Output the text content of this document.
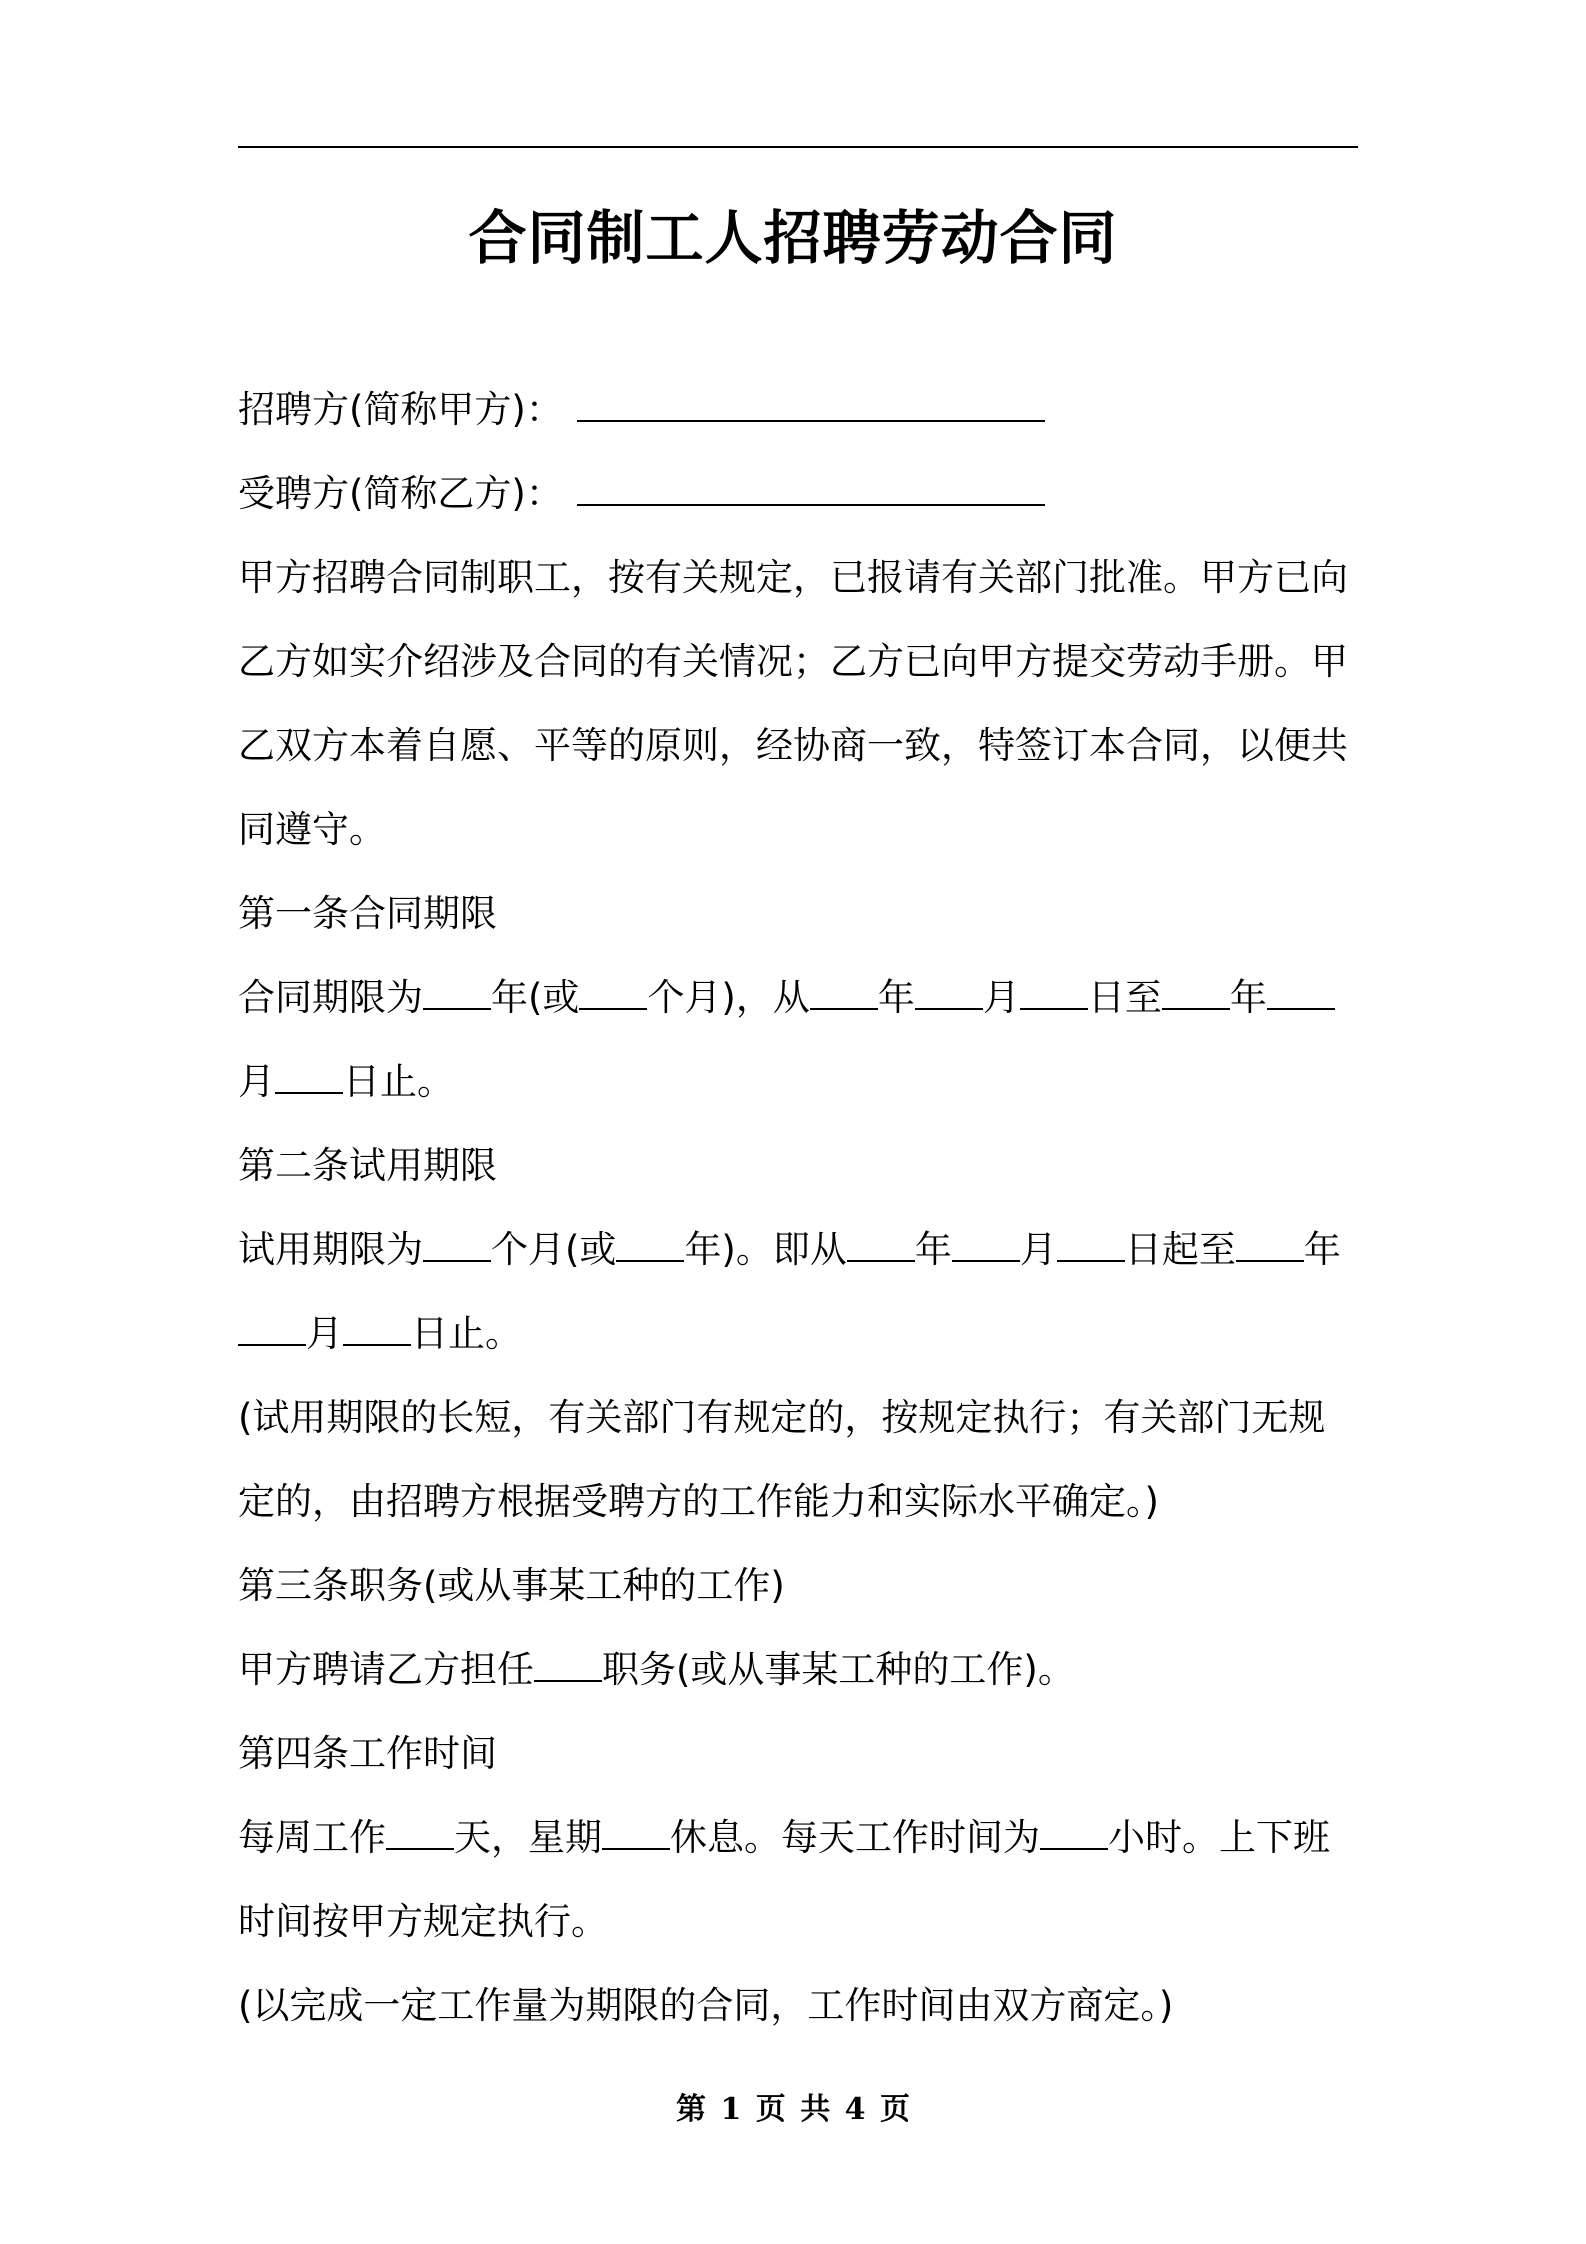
合同制工人招聘劳动合同
招聘方(简称甲方)：
受聘方(简称乙方)：
甲方招聘合同制职工，按有关规定，已报请有关部门批准。甲方已向
乙方如实介绍涉及合同的有关情况；乙方已向甲方提交劳动手册。甲
乙双方本着自愿、平等的原则，经协商一致，特签订本合同，以便共
同遵守。
第一条合同期限
合同期限为 年(或 个月)，从 年 月 日至 年
月 日止。
第二条试用期限
试用期限为 个月(或 年)。即从 年 月 日起至 年
月 日止。
(试用期限的长短，有关部门有规定的，按规定执行；有关部门无规
定的，由招聘方根据受聘方的工作能力和实际水平确定。)
第三条职务(或从事某工种的工作)
甲方聘请乙方担任 职务(或从事某工种的工作)。
第四条工作时间
每周工作 天，星期 休息。每天工作时间为 小时。上下班
时间按甲方规定执行。
(以完成一定工作量为期限的合同，工作时间由双方商定。)
第 1 页 共 4 页
